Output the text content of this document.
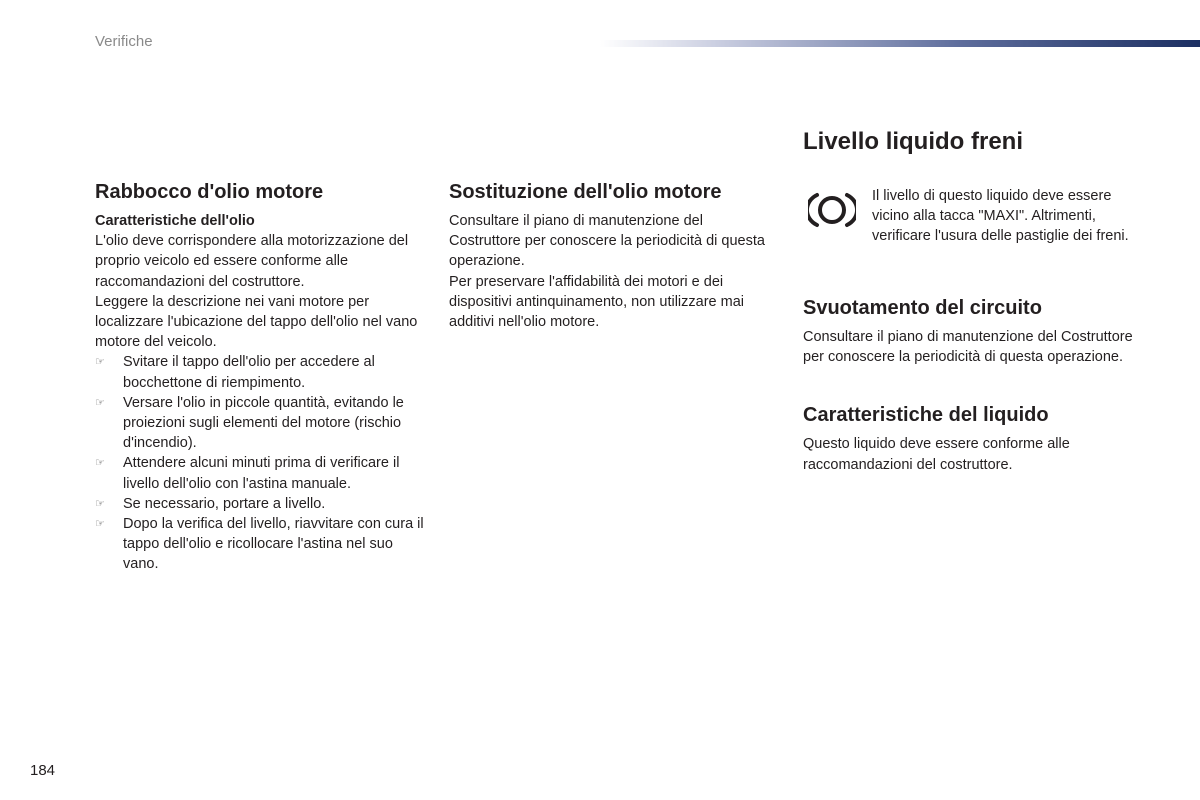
Verifiche
Rabbocco d'olio motore

Caratteristiche dell'olio

L'olio deve corrispondere alla motorizzazione del proprio veicolo ed essere conforme alle raccomandazioni del costruttore.

Leggere la descrizione nei vani motore per localizzare l'ubicazione del tappo dell'olio nel vano motore del veicolo.

☞ Svitare il tappo dell'olio per accedere al bocchettone di riempimento.
☞ Versare l'olio in piccole quantità, evitando le proiezioni sugli elementi del motore (rischio d'incendio).
☞ Attendere alcuni minuti prima di verificare il livello dell'olio con l'astina manuale.
☞ Se necessario, portare a livello.
☞ Dopo la verifica del livello, riavvitare con cura il tappo dell'olio e ricollocare l'astina nel suo vano.
Sostituzione dell'olio motore

Consultare il piano di manutenzione del Costruttore per conoscere la periodicità di questa operazione.

Per preservare l'affidabilità dei motori e dei dispositivi antinquinamento, non utilizzare mai additivi nell'olio motore.

Livello liquido freni

Il livello di questo liquido deve essere vicino alla tacca "MAXI". Altrimenti, verificare l'usura delle pastiglie dei freni.

Svuotamento del circuito

Consultare il piano di manutenzione del Costruttore per conoscere la periodicità di questa operazione.

Caratteristiche del liquido

Questo liquido deve essere conforme alle raccomandazioni del costruttore.

184
